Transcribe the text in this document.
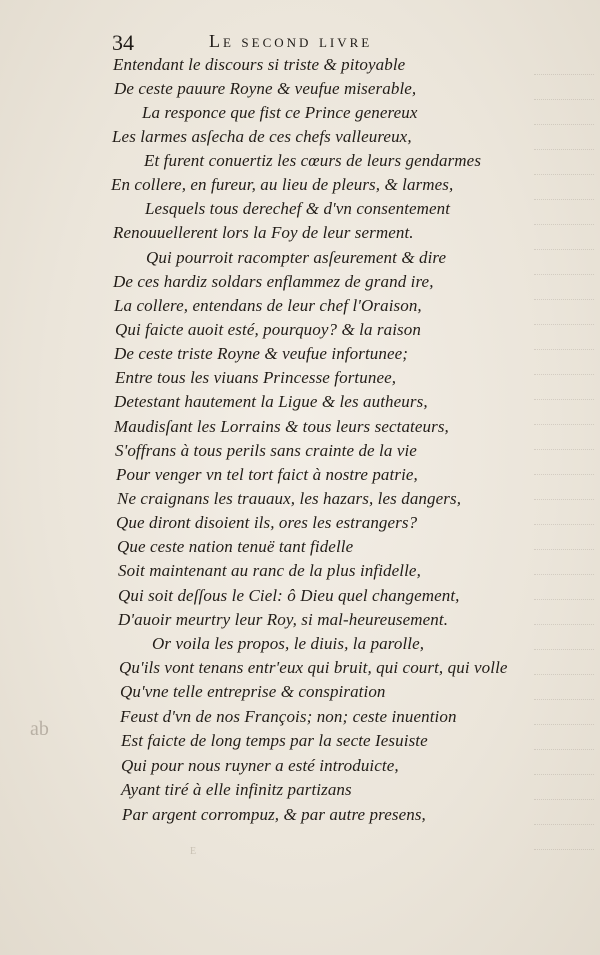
ab
34	Le second livre
Entendant le discours si triste & pitoyable
De ceste pauure Royne & veufue miserable,
La responce que fist ce Prince genereux
Les larmes asſecha de ces chefs valleureux,
Et furent conuertiz les cœurs de leurs gendarmes
En collere, en fureur, au lieu de pleurs, & larmes,
Lesquels tous derechef & d'vn consentement
Renouuellerent lors la Foy de leur serment.
Qui pourroit racompter asſeurement & dire
De ces hardiz soldars enflammez de grand ire,
La collere, entendans de leur chef l'Oraison,
Qui faicte auoit esté, pourquoy? & la raison
De ceste triste Royne & veufue infortunee;
Entre tous les viuans Princesse fortunee,
Detestant hautement la Ligue & les autheurs,
Maudisſant les Lorrains & tous leurs sectateurs,
S'offrans à tous perils sans crainte de la vie
Pour venger vn tel tort faict à nostre patrie,
Ne craignans les trauaux, les hazars, les dangers,
Que diront disoient ils, ores les estrangers?
Que ceste nation tenuë tant fidelle
Soit maintenant au ranc de la plus infidelle,
Qui soit deſſous le Ciel: ô Dieu quel changement,
D'auoir meurtry leur Roy, si mal-heureusement.
Or voila les propos, le diuis, la parolle,
Qu'ils vont tenans entr'eux qui bruit, qui court, qui volle
Qu'vne telle entreprise & conspiration
Feust d'vn de nos François; non; ceste inuention
Est faicte de long temps par la secte Iesuiste
Qui pour nous ruyner a esté introduicte,
Ayant tiré à elle infinitz partizans
Par argent corrompuz, & par autre presens,
E
